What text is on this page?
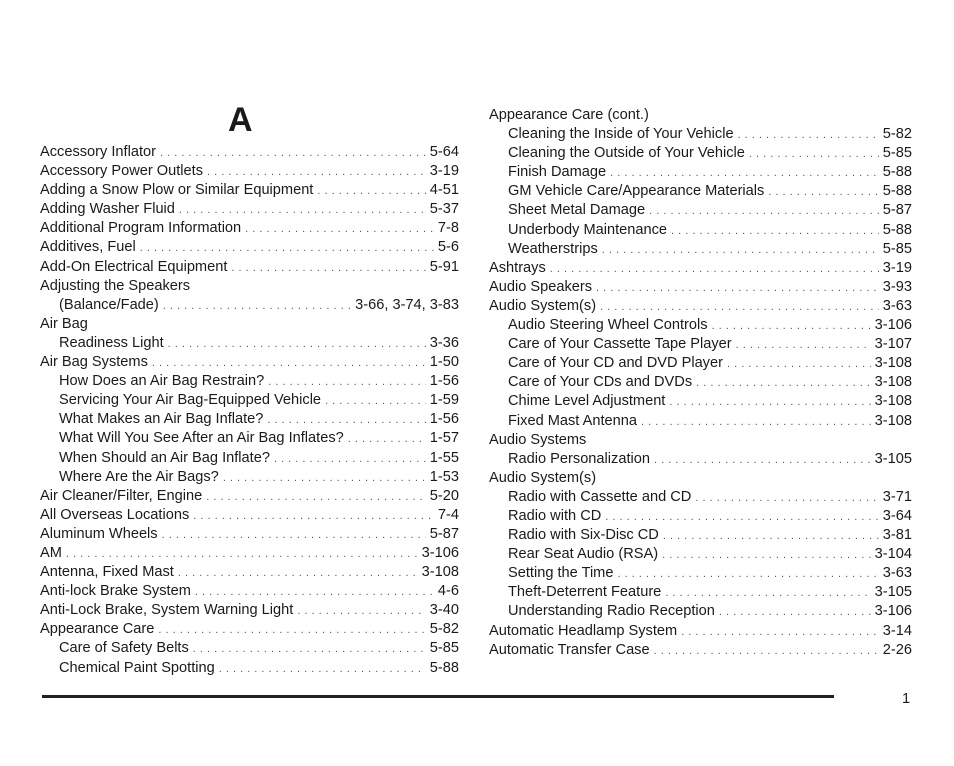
A
Accessory Inflator . . .	5-64
Accessory Power Outlets . . .	3-19
Adding a Snow Plow or Similar Equipment . . .	4-51
Adding Washer Fluid . . .	5-37
Additional Program Information . . .	7-8
Additives, Fuel . . .	5-6
Add-On Electrical Equipment . . .	5-91
Adjusting the Speakers
(Balance/Fade) . . .	3-66, 3-74, 3-83
Air Bag
Readiness Light . . .	3-36
Air Bag Systems . . .	1-50
How Does an Air Bag Restrain? . . .	1-56
Servicing Your Air Bag-Equipped Vehicle . . .	1-59
What Makes an Air Bag Inflate? . . .	1-56
What Will You See After an Air Bag Inflates? . . .	1-57
When Should an Air Bag Inflate? . . .	1-55
Where Are the Air Bags? . . .	1-53
Air Cleaner/Filter, Engine . . .	5-20
All Overseas Locations . . .	7-4
Aluminum Wheels . . .	5-87
AM . . .	3-106
Antenna, Fixed Mast . . .	3-108
Anti-lock Brake System . . .	4-6
Anti-Lock Brake, System Warning Light . . .	3-40
Appearance Care . . .	5-82
Care of Safety Belts . . .	5-85
Chemical Paint Spotting . . .	5-88
Appearance Care (cont.)
Cleaning the Inside of Your Vehicle . . .	5-82
Cleaning the Outside of Your Vehicle . . .	5-85
Finish Damage . . .	5-88
GM Vehicle Care/Appearance Materials . . .	5-88
Sheet Metal Damage . . .	5-87
Underbody Maintenance . . .	5-88
Weatherstrips . . .	5-85
Ashtrays . . .	3-19
Audio Speakers . . .	3-93
Audio System(s) . . .	3-63
Audio Steering Wheel Controls . . .	3-106
Care of Your Cassette Tape Player . . .	3-107
Care of Your CD and DVD Player . . .	3-108
Care of Your CDs and DVDs . . .	3-108
Chime Level Adjustment . . .	3-108
Fixed Mast Antenna . . .	3-108
Audio Systems
Radio Personalization . . .	3-105
Audio System(s)
Radio with Cassette and CD . . .	3-71
Radio with CD . . .	3-64
Radio with Six-Disc CD . . .	3-81
Rear Seat Audio (RSA) . . .	3-104
Setting the Time . . .	3-63
Theft-Deterrent Feature . . .	3-105
Understanding Radio Reception . . .	3-106
Automatic Headlamp System . . .	3-14
Automatic Transfer Case . . .	2-26
1
